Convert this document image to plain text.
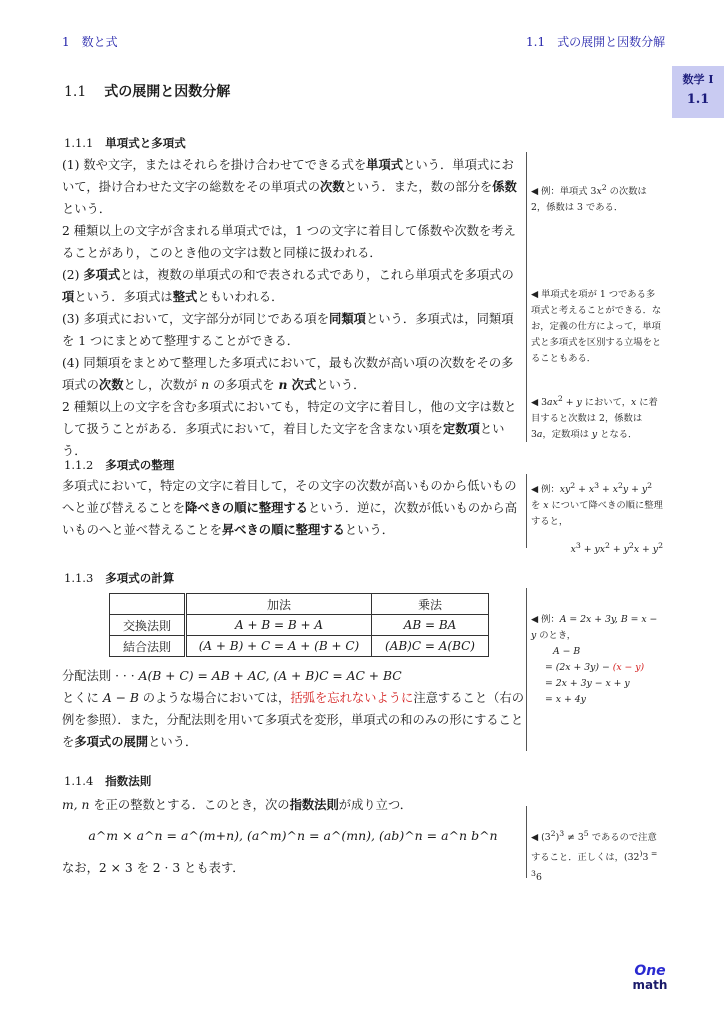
1　数と式	1.1　式の展開と因数分解
数学 I
1.1
1.1 式の展開と因数分解
1.1.1 単項式と多項式

(1) 数や文字，またはそれらを掛け合わせてできる式を単項式という．単項式において，掛け合わせた文字の総数をその単項式の次数という．また，数の部分を係数という．

2 種類以上の文字が含まれる単項式では，1 つの文字に着目して係数や次数を考えることがあり，このとき他の文字は数と同様に扱われる．

(2) 多項式とは，複数の単項式の和で表される式であり，これら単項式を多項式の項という．多項式は整式ともいわれる．

(3) 多項式において，文字部分が同じである項を同類項という．多項式は，同類項を 1 つにまとめて整理することができる．

(4) 同類項をまとめて整理した多項式において，最も次数が高い項の次数をその多項式の次数とし，次数が n の多項式を n 次式という．

2 種類以上の文字を含む多項式においても，特定の文字に着目し，他の文字は数として扱うことがある．多項式において，着目した文字を含まない項を定数項という．

◀ 例：単項式 $3x^2$ の次数は 2，係数は 3 である．

◀ 単項式を項が 1 つである多項式と考えることができる．なお，定義の仕方によって，単項式と多項式を区別する立場をとることもある．

◀ $3ax^2 + y$ において，x に着目すると次数は 2，係数は 3a，定数項は y となる．

1.1.2 多項式の整理

多項式において，特定の文字に着目して，その文字の次数が高いものから低いものへと並び替えることを降べきの順に整理するという．逆に，次数が低いものから高いものへと並べ替えることを昇べきの順に整理するという．

◀ 例：$xy^2 + x^3 + x^2y + y^2$ を x について降べきの順に整理すると，

$x^3 + yx^2 + y^2x + y^2$

1.1.3 多項式の計算
	加法	乗法
交換法則	A + B = B + A	AB = BA
結合法則	(A + B) + C = A + (B + C)	(AB)C = A(BC)

分配法則 · · · A(B + C) = AB + AC, (A + B)C = AC + BC

とくに A − B のような場合においては，括弧を忘れないように注意すること（右の例を参照）．また，分配法則を用いて多項式を変形，単項式の和のみの形にすることを多項式の展開という．

◀ 例：A = 2x + 3y, B = x − y のとき，

A − B

= (2x + 3y) − (x − y)

= 2x + 3y − x + y

= x + 4y

1.1.4 指数法則

m, n を正の整数とする．このとき，次の指数法則が成り立つ．

a^m × a^n = a^(m+n), (a^m)^n = a^(mn), (ab)^n = a^n b^n

なお，2 × 3 を 2 · 3 とも表す．

◀ $(3^2)^3 \ne 3^5$ であるので注意すること．正しくは，(32)3 $^{= 3}$6

One
math
